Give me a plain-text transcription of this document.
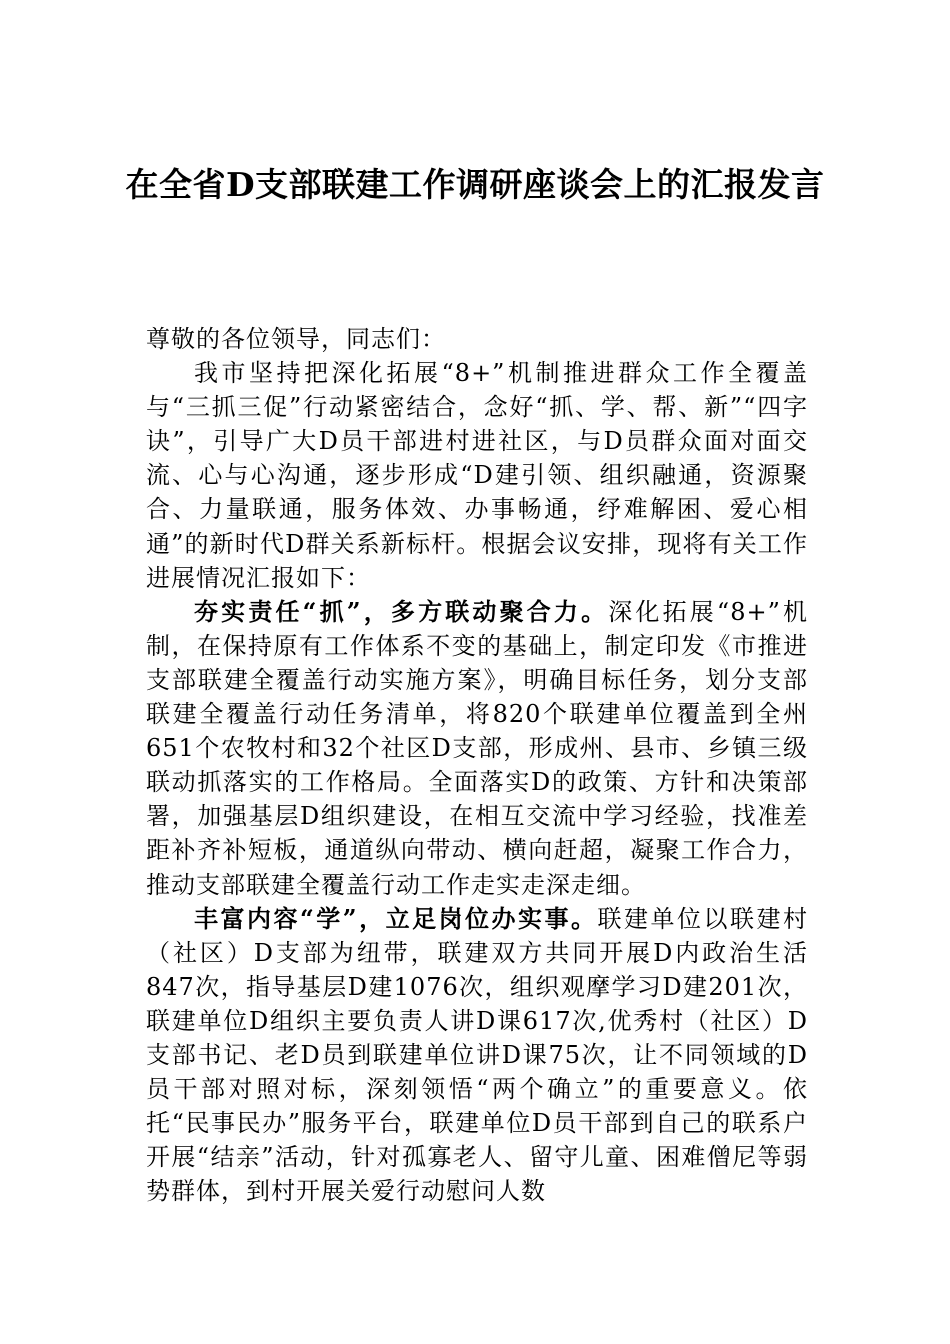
在全省D支部联建工作调研座谈会上的汇报发言

尊敬的各位领导，同志们：

我市坚持把深化拓展“8+”机制推进群众工作全覆盖与“三抓三促”行动紧密结合，念好“抓、学、帮、新”“四字诀”，引导广大D员干部进村进社区，与D员群众面对面交流、心与心沟通，逐步形成“D建引领、组织融通，资源聚合、力量联通，服务体效、办事畅通，纾难解困、爱心相通”的新时代D群关系新标杆。根据会议安排，现将有关工作进展情况汇报如下：

夯实责任“抓”，多方联动聚合力。深化拓展“8+”机制，在保持原有工作体系不变的基础上，制定印发《市推进支部联建全覆盖行动实施方案》，明确目标任务，划分支部联建全覆盖行动任务清单，将820个联建单位覆盖到全州651个农牧村和32个社区D支部，形成州、县市、乡镇三级联动抓落实的工作格局。全面落实D的政策、方针和决策部署，加强基层D组织建设，在相互交流中学习经验，找准差距补齐补短板，通道纵向带动、横向赶超，凝聚工作合力，推动支部联建全覆盖行动工作走实走深走细。

丰富内容“学”，立足岗位办实事。联建单位以联建村（社区）D支部为纽带，联建双方共同开展D内政治生活847次，指导基层D建1076次，组织观摩学习D建201次，联建单位D组织主要负责人讲D课617次,优秀村（社区）D支部书记、老D员到联建单位讲D课75次，让不同领域的D员干部对照对标，深刻领悟“两个确立”的重要意义。依托“民事民办”服务平台，联建单位D员干部到自己的联系户开展“结亲”活动，针对孤寡老人、留守儿童、困难僧尼等弱势群体，到村开展关爱行动慰问人数
